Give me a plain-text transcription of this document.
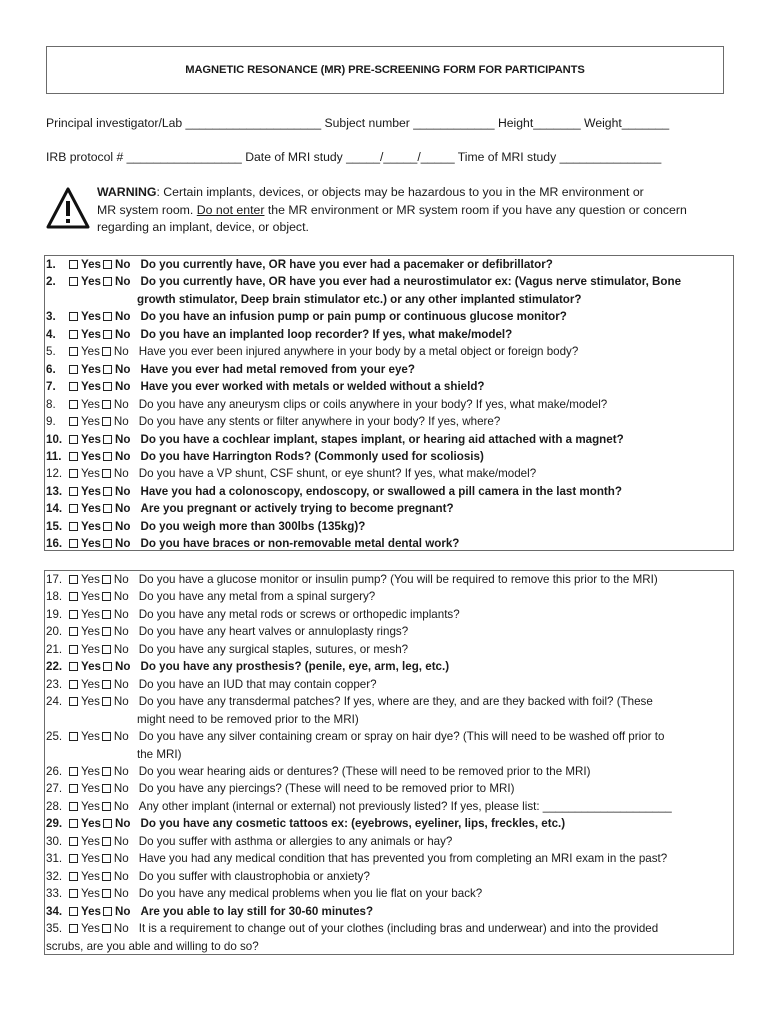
MAGNETIC RESONANCE (MR) PRE-SCREENING FORM FOR PARTICIPANTS
Principal investigator/Lab ____________________ Subject number ____________ Height_______ Weight_______
IRB protocol # _________________ Date of MRI study _____/_____/_____ Time of MRI study _______________
WARNING: Certain implants, devices, or objects may be hazardous to you in the MR environment or
MR system room. Do not enter the MR environment or MR system room if you have any question or concern
regarding an implant, device, or object.
1.	Yes	No Do you currently have, OR have you ever had a pacemaker or defibrillator?
2.	Yes	No Do you currently have, OR have you ever had a neurostimulator ex: (Vagus nerve stimulator, Bone
growth stimulator, Deep brain stimulator etc.) or any other implanted stimulator?
3.	Yes	No Do you have an infusion pump or pain pump or continuous glucose monitor?
4.	Yes	No Do you have an implanted loop recorder? If yes, what make/model?
5.	Yes	No Have you ever been injured anywhere in your body by a metal object or foreign body?
6.	Yes	No Have you ever had metal removed from your eye?
7.	Yes	No Have you ever worked with metals or welded without a shield?
8.	Yes	No Do you have any aneurysm clips or coils anywhere in your body? If yes, what make/model?
9.	Yes	No Do you have any stents or filter anywhere in your body? If yes, where?
10.	Yes	No Do you have a cochlear implant, stapes implant, or hearing aid attached with a magnet?
11.	Yes	No Do you have Harrington Rods? (Commonly used for scoliosis)
12.	Yes	No Do you have a VP shunt, CSF shunt, or eye shunt? If yes, what make/model?
13.	Yes	No Have you had a colonoscopy, endoscopy, or swallowed a pill camera in the last month?
14.	Yes	No Are you pregnant or actively trying to become pregnant?
15.	Yes	No Do you weigh more than 300lbs (135kg)?
16.	Yes	No Do you have braces or non-removable metal dental work?
17.	Yes	No Do you have a glucose monitor or insulin pump? (You will be required to remove this prior to the MRI)
18.	Yes	No Do you have any metal from a spinal surgery?
19.	Yes	No Do you have any metal rods or screws or orthopedic implants?
20.	Yes	No Do you have any heart valves or annuloplasty rings?
21.	Yes	No Do you have any surgical staples, sutures, or mesh?
22.	Yes	No Do you have any prosthesis? (penile, eye, arm, leg, etc.)
23.	Yes	No Do you have an IUD that may contain copper?
24.	Yes	No Do you have any transdermal patches? If yes, where are they, and are they backed with foil? (These
might need to be removed prior to the MRI)
25.	Yes	No Do you have any silver containing cream or spray on hair dye? (This will need to be washed off prior to
the MRI)
26.	Yes	No Do you wear hearing aids or dentures? (These will need to be removed prior to the MRI)
27.	Yes	No Do you have any piercings? (These will need to be removed prior to MRI)
28.	Yes	No Any other implant (internal or external) not previously listed? If yes, please list: ____________________
29.	Yes	No Do you have any cosmetic tattoos ex: (eyebrows, eyeliner, lips, freckles, etc.)
30.	Yes	No Do you suffer with asthma or allergies to any animals or hay?
31.	Yes	No Have you had any medical condition that has prevented you from completing an MRI exam in the past?
32.	Yes	No Do you suffer with claustrophobia or anxiety?
33.	Yes	No Do you have any medical problems when you lie flat on your back?
34.	Yes	No Are you able to lay still for 30-60 minutes?
35.	Yes	No It is a requirement to change out of your clothes (including bras and underwear) and into the provided
scrubs, are you able and willing to do so?
